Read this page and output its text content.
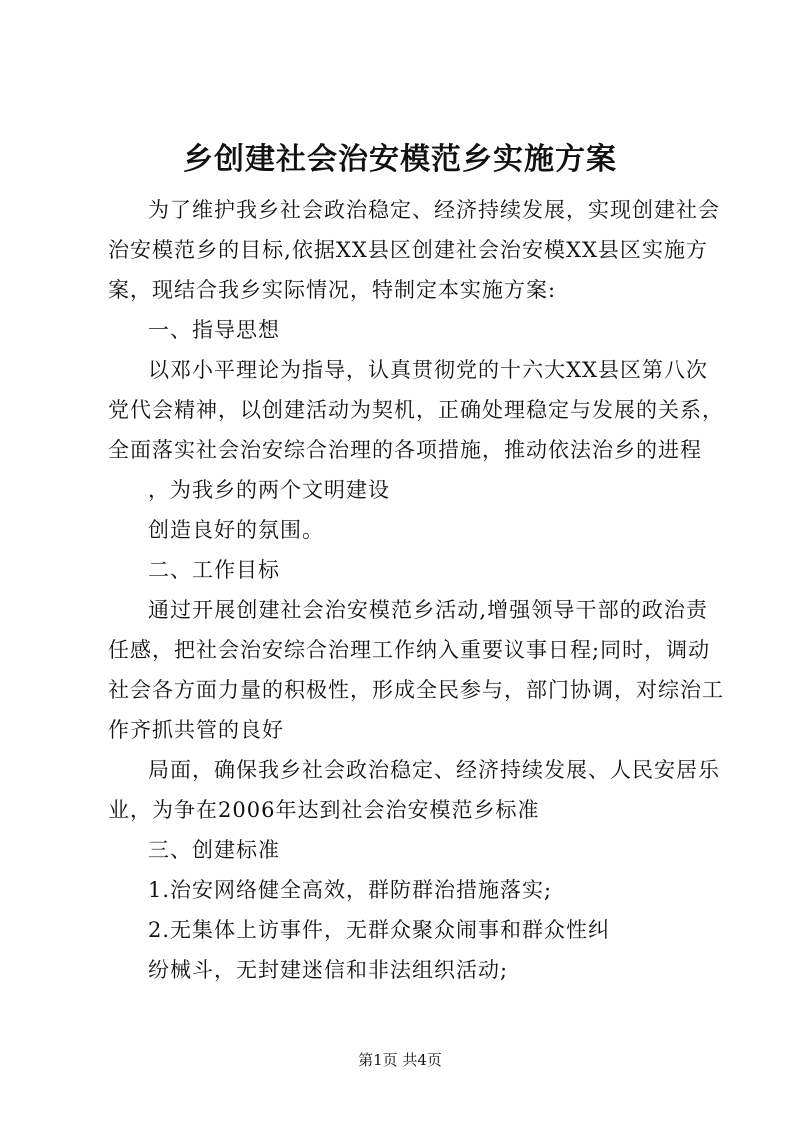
乡创建社会治安模范乡实施方案
为了维护我乡社会政治稳定、经济持续发展，实现创建社会
治安模范乡的目标,依据XX县区创建社会治安模XX县区实施方
案，现结合我乡实际情况，特制定本实施方案:
一、指导思想
以邓小平理论为指导，认真贯彻党的十六大XX县区第八次
党代会精神，以创建活动为契机，正确处理稳定与发展的关系，
全面落实社会治安综合治理的各项措施，推动依法治乡的进程
，为我乡的两个文明建设
创造良好的氛围。
二、工作目标
通过开展创建社会治安模范乡活动,增强领导干部的政治责
任感，把社会治安综合治理工作纳入重要议事日程;同时，调动
社会各方面力量的积极性，形成全民参与，部门协调，对综治工
作齐抓共管的良好
局面，确保我乡社会政治稳定、经济持续发展、人民安居乐
业，为争在2006年达到社会治安模范乡标准
三、创建标准
1.治安网络健全高效，群防群治措施落实;
2.无集体上访事件，无群众聚众闹事和群众性纠
纷械斗，无封建迷信和非法组织活动;
第1页 共4页
